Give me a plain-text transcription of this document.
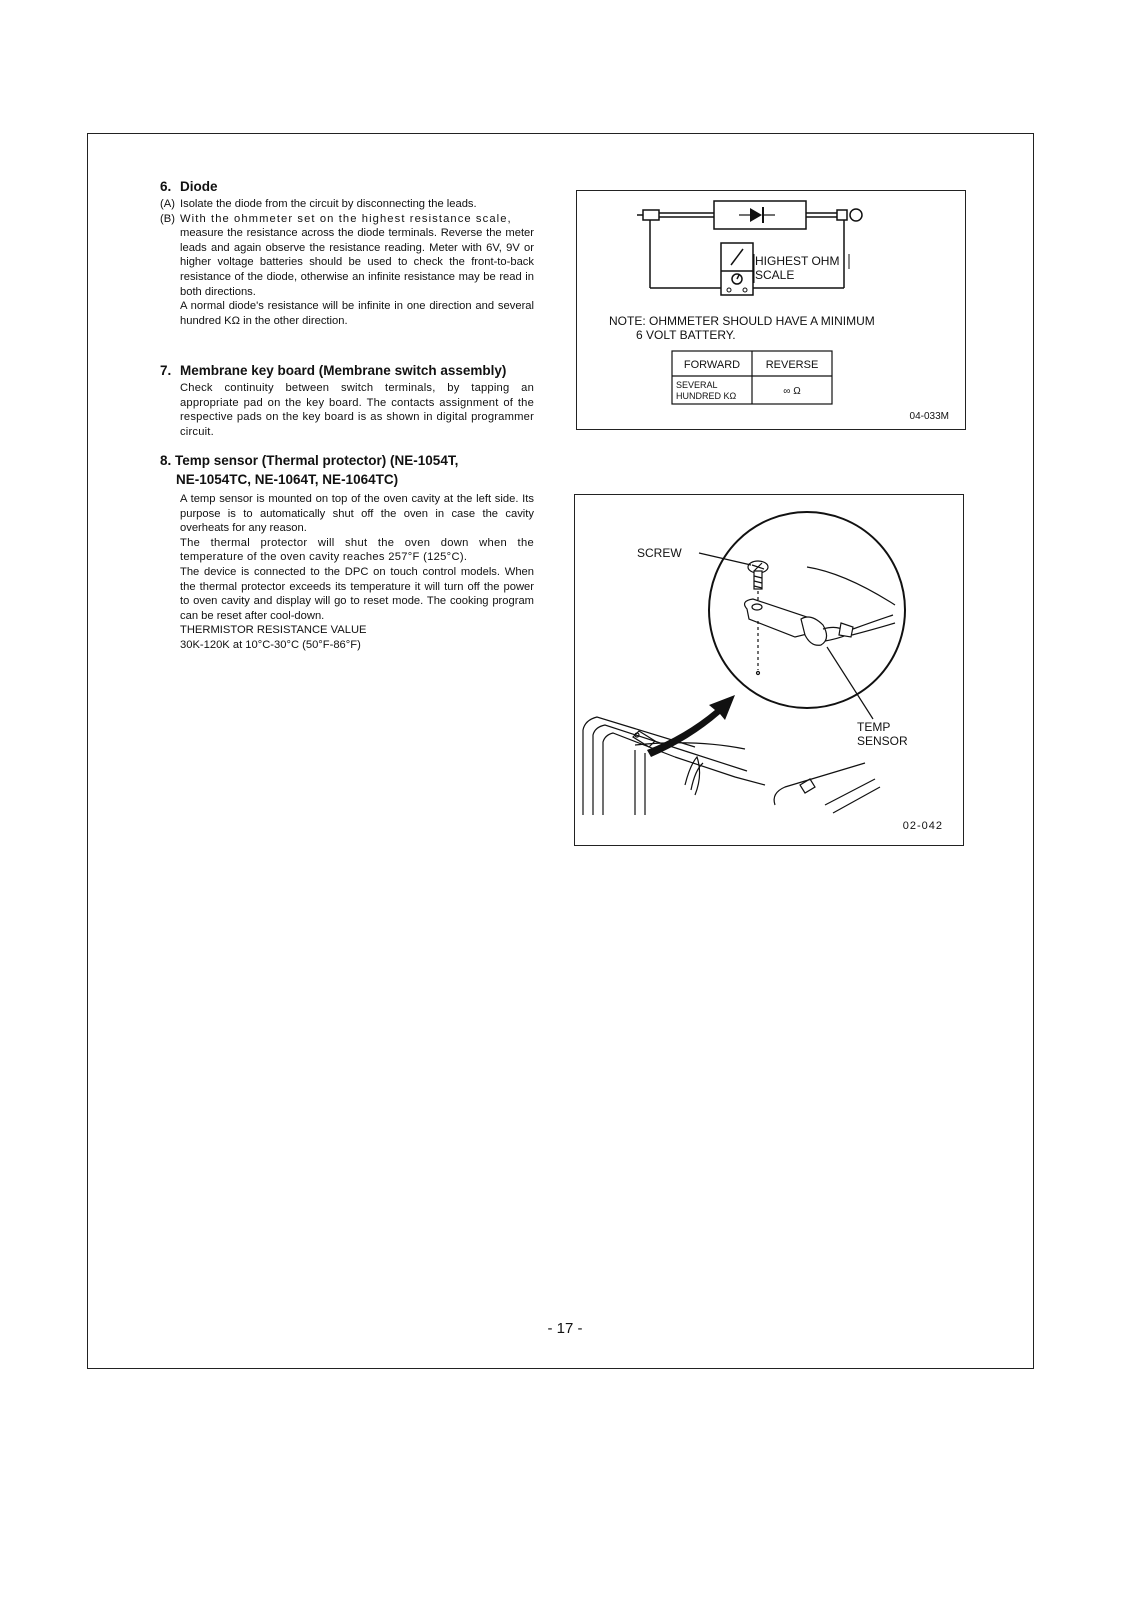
6. Diode
(A) Isolate the diode from the circuit by disconnecting the leads.
(B) With the ohmmeter set on the highest resistance scale,

measure the resistance across the diode terminals. Reverse the meter leads and again observe the resistance reading. Meter with 6V, 9V or higher voltage batteries should be used to check the front-to-back resistance of the diode, otherwise an infinite resistance may be read in both directions.

A normal diode's resistance will be infinite in one direction and several hundred KΩ in the other direction.

7. Membrane key board (Membrane switch assembly)

Check continuity between switch terminals, by tapping an appropriate pad on the key board. The contacts assignment of the respective pads on the key board is as shown in digital programmer circuit.

8. Temp sensor (Thermal protector) (NE-1054T,
NE-1054TC, NE-1064T, NE-1064TC)

A temp sensor is mounted on top of the oven cavity at the left side. Its purpose is to automatically shut off the oven in case the cavity overheats for any reason.

The thermal protector will shut the oven down when the temperature of the oven cavity reaches 257°F (125°C).

The device is connected to the DPC on touch control models. When the thermal protector exceeds its temperature it will turn off the power to oven cavity and display will go to reset mode. The cooking program can be reset after cool-down.

THERMISTOR RESISTANCE VALUE

30K-120K at 10°C-30°C (50°F-86°F)

HIGHEST OHM
SCALE
NOTE: OHMMETER SHOULD HAVE A MINIMUM
6 VOLT BATTERY.
FORWARD REVERSE
SEVERAL
HUNDRED KΩ	∞ Ω
04-033M
SCREW
TEMP
SENSOR
02-042
- 17 -
